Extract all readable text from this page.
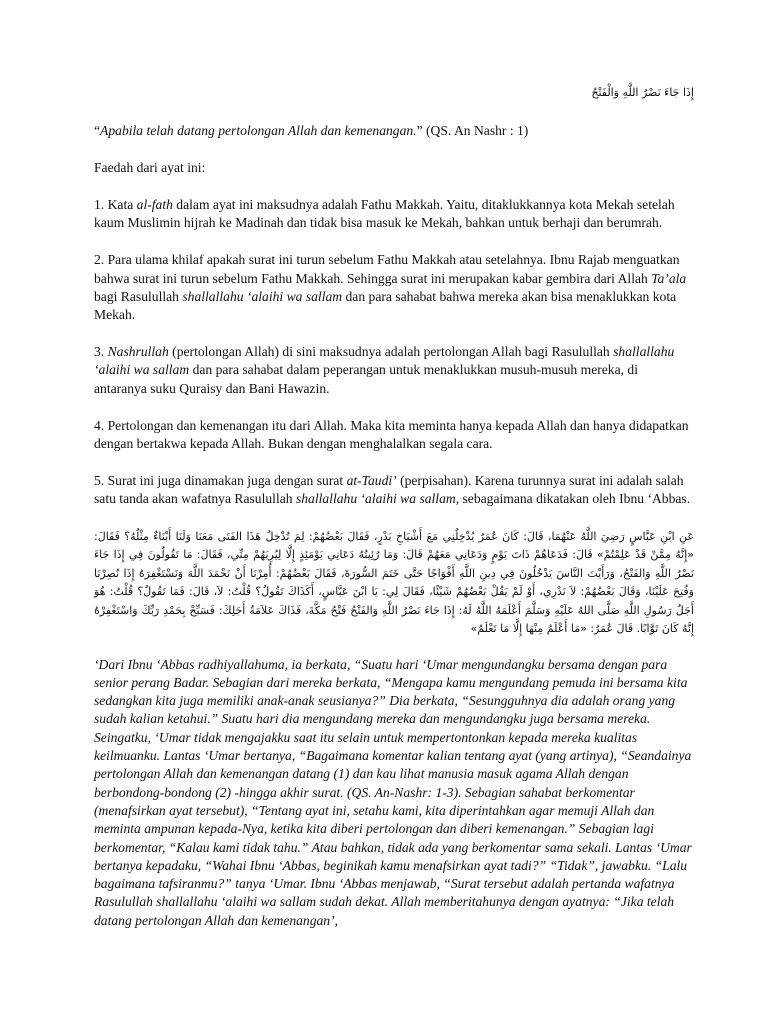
إِذَا جَاءَ نَصْرُ اللَّهِ وَالْفَتْحُ

“Apabila telah datang pertolongan Allah dan kemenangan.” (QS. An Nashr : 1)

Faedah dari ayat ini:

1. Kata al-fath dalam ayat ini maksudnya adalah Fathu Makkah. Yaitu, ditaklukkannya kota Mekah setelah kaum Muslimin hijrah ke Madinah dan tidak bisa masuk ke Mekah, bahkan untuk berhaji dan berumrah.

2. Para ulama khilaf apakah surat ini turun sebelum Fathu Makkah atau setelahnya. Ibnu Rajab menguatkan bahwa surat ini turun sebelum Fathu Makkah. Sehingga surat ini merupakan kabar gembira dari Allah Ta’ala bagi Rasulullah shallallahu ‘alaihi wa sallam dan para sahabat bahwa mereka akan bisa menaklukkan kota Mekah.

3. Nashrullah (pertolongan Allah) di sini maksudnya adalah pertolongan Allah bagi Rasulullah shallallahu ‘alaihi wa sallam dan para sahabat dalam peperangan untuk menaklukkan musuh-musuh mereka, di antaranya suku Quraisy dan Bani Hawazin.

4. Pertolongan dan kemenangan itu dari Allah. Maka kita meminta hanya kepada Allah dan hanya didapatkan dengan bertakwa kepada Allah. Bukan dengan menghalalkan segala cara.

5. Surat ini juga dinamakan juga dengan surat at-Taudi’ (perpisahan). Karena turunnya surat ini adalah salah satu tanda akan wafatnya Rasulullah shallallahu ‘alaihi wa sallam, sebagaimana dikatakan oleh Ibnu ‘Abbas.

عَنِ ابْنِ عَبَّاسٍ رَضِيَ اللَّهُ عَنْهُمَا، قَالَ: كَانَ عُمَرُ يُدْخِلُنِي مَعَ أَشْيَاخِ بَدْرٍ، فَقَالَ بَعْضُهُمْ: لِمَ تُدْخِلُ هَذَا الفَتَى مَعَنَا وَلَنَا أَبْنَاءٌ مِثْلُهُ؟ فَقَالَ: «إِنَّهُ مِمَّنْ قَدْ عَلِمْتُمْ» قَالَ: فَدَعَاهُمْ ذَاتَ يَوْمٍ وَدَعَانِي مَعَهُمْ قَالَ: وَمَا رُئِيتُهُ دَعَانِي يَوْمَئِذٍ إِلَّا لِيُرِيَهُمْ مِنِّي، فَقَالَ: مَا تَقُولُونَ فِي إِذَا جَاءَ نَصْرُ اللَّهِ وَالفَتْحُ، وَرَأَيْتَ النَّاسَ يَدْخُلُونَ فِي دِينِ اللَّهِ أَفْوَاجًا حَتَّى خَتَمَ السُّورَةَ، فَقَالَ بَعْضُهُمْ: أُمِرْنَا أَنْ نَحْمَدَ اللَّهَ وَنَسْتَغْفِرَهُ إِذَا نُصِرْنَا وَفُتِحَ عَلَيْنَا، وَقَالَ بَعْضُهُمْ: لاَ نَدْرِي، أَوْ لَمْ يَقُلْ بَعْضُهُمْ شَيْئًا، فَقَالَ لِي: يَا ابْنَ عَبَّاسٍ، أَكَذَاكَ تَقُولُ؟ قُلْتُ: لاَ، قَالَ: فَمَا تَقُولُ؟ قُلْتُ: هُوَ أَجَلُ رَسُولِ اللَّهِ صَلَّى اللهُ عَلَيْهِ وَسَلَّمَ أَعْلَمَهُ اللَّهُ لَهُ: إِذَا جَاءَ نَصْرُ اللَّهِ وَالفَتْحُ فَتْحُ مَكَّةَ، فَذَاكَ عَلاَمَةُ أَجَلِكَ: فَسَبِّحْ بِحَمْدِ رَبِّكَ وَاسْتَغْفِرْهُ إِنَّهُ كَانَ تَوَّابًا. قَالَ عُمَرُ: «مَا أَعْلَمُ مِنْهَا إِلَّا مَا تَعْلَمُ»

‘Dari Ibnu ‘Abbas radhiyallahuma, ia berkata, “Suatu hari ‘Umar mengundangku bersama dengan para senior perang Badar. Sebagian dari mereka berkata, “Mengapa kamu mengundang pemuda ini bersama kita sedangkan kita juga memiliki anak-anak seusianya?” Dia berkata, “Sesungguhnya dia adalah orang yang sudah kalian ketahui.” Suatu hari dia mengundang mereka dan mengundangku juga bersama mereka. Seingatku, ‘Umar tidak mengajakku saat itu selain untuk mempertontonkan kepada mereka kualitas keilmuanku. Lantas ‘Umar bertanya, “Bagaimana komentar kalian tentang ayat (yang artinya), “Seandainya pertolongan Allah dan kemenangan datang (1) dan kau lihat manusia masuk agama Allah dengan berbondong-bondong (2) -hingga akhir surat. (QS. An-Nashr: 1-3). Sebagian sahabat berkomentar (menafsirkan ayat tersebut), “Tentang ayat ini, setahu kami, kita diperintahkan agar memuji Allah dan meminta ampunan kepada-Nya, ketika kita diberi pertolongan dan diberi kemenangan.” Sebagian lagi berkomentar, “Kalau kami tidak tahu.” Atau bahkan, tidak ada yang berkomentar sama sekali. Lantas ‘Umar bertanya kepadaku, “Wahai Ibnu ‘Abbas, beginikah kamu menafsirkan ayat tadi?” “Tidak”, jawabku. “Lalu bagaimana tafsiranmu?” tanya ‘Umar. Ibnu ‘Abbas menjawab, “Surat tersebut adalah pertanda wafatnya Rasulullah shallallahu ‘alaihi wa sallam sudah dekat. Allah memberitahunya dengan ayatnya: “Jika telah datang pertolongan Allah dan kemenangan’,
